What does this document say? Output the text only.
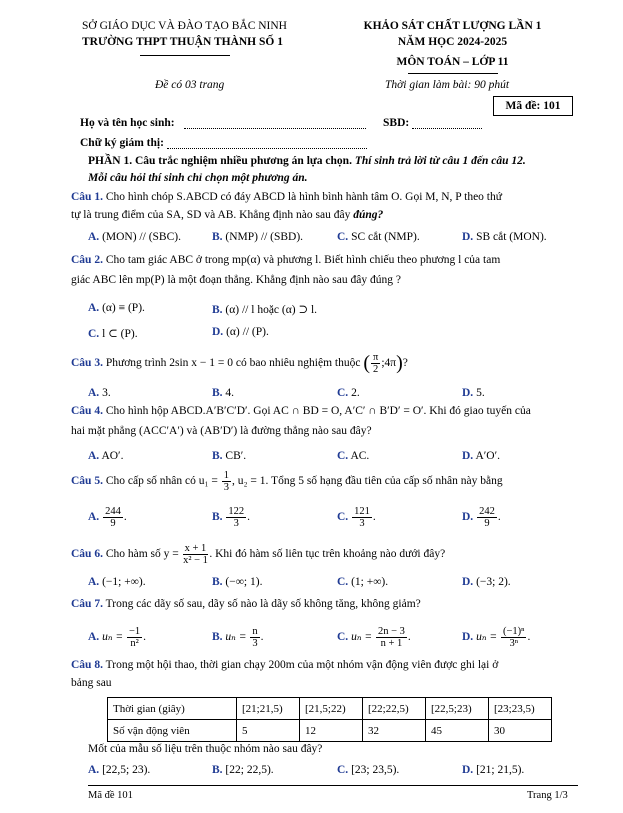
SỞ GIÁO DỤC VÀ ĐÀO TẠO BẮC NINH
TRƯỜNG THPT THUẬN THÀNH SỐ 1
Đề có 03 trang
KHẢO SÁT CHẤT LƯỢNG LẦN 1
NĂM HỌC 2024-2025
MÔN TOÁN – LỚP 11
Thời gian làm bài: 90 phút
Mã đề: 101
Họ và tên học sinh:	SBD:
Chữ ký giám thị:
PHẦN 1. Câu trắc nghiệm nhiều phương án lựa chọn. Thí sinh trả lời từ câu 1 đến câu 12.
Mỗi câu hỏi thí sinh chỉ chọn một phương án.
Câu 1. Cho hình chóp S.ABCD có đáy ABCD là hình bình hành tâm O. Gọi M, N, P theo thứ
tự là trung điểm của SA, SD và AB. Khẳng định nào sau đây đúng?
A. (MON) // (SBC).	B. (NMP) // (SBD).	C. SC cắt (NMP).	D. SB cắt (MON).
Câu 2. Cho tam giác ABC ở trong mp(α) và phương l. Biết hình chiếu theo phương l của tam
giác ABC lên mp(P) là một đoạn thẳng. Khẳng định nào sau đây đúng ?
A. (α) ≡ (P).	B. (α) // l hoặc (α) ⊃ l.
C. l ⊂ (P).	D. (α) // (P).
Câu 3. Phương trình 2sin x − 1 = 0 có bao nhiêu nghiệm thuộc ( $\frac{\pi}{2}$ ;4π)?
A. 3.	B. 4.	C. 2.	D. 5.
Câu 4. Cho hình hộp ABCD.A′B′C′D′. Gọi AC ∩ BD = O, A′C′ ∩ B′D′ = O′. Khi đó giao tuyến của
hai mặt phẳng (ACC′A′) và (AB′D′) là đường thẳng nào sau đây?
A. AO′.	B. CB′.	C. AC.	D. A′O′.
Câu 5. Cho cấp số nhân có $u_1 = \frac{1}{3}$ , u₂ = 1. Tổng 5 số hạng đầu tiên của cấp số nhân này bằng
A. $\frac{244}{9}$ .	B. $\frac{122}{3}$ .	C. $\frac{121}{3}$ .	D. $\frac{242}{9}$ .
Câu 6. Cho hàm số $y = \frac{x + 1}{\text{x² − 1}}$ . Khi đó hàm số liên tục trên khoảng nào dưới đây?
A. (−1; +∞).	B. (−∞; 1).	C. (1; +∞).	D. (−3; 2).
Câu 7. Trong các dãy số sau, dãy số nào là dãy số không tăng, không giảm?
A. $u_n = \frac{-1}{\text{n²}}$ .	B. $u_n = \frac{n}{3}$ .	C. $u_n = \frac{2n - 3}{n + 1}$ .	D. $u_n = \frac{\text{(−1)ⁿ}}{\text{3ⁿ}}$ .
Câu 8. Trong một hội thao, thời gian chạy 200m của một nhóm vận động viên được ghi lại ở
bảng sau
Thời gian (giây)	[21;21,5)	[21,5;22)	[22;22,5)	[22,5;23)	[23;23,5)
Số vận động viên	5	12	32	45	30
Mốt của mẫu số liệu trên thuộc nhóm nào sau đây?
A. [22,5; 23).	B. [22; 22,5).	C. [23; 23,5).	D. [21; 21,5).
Mã đề 101	Trang 1/3
